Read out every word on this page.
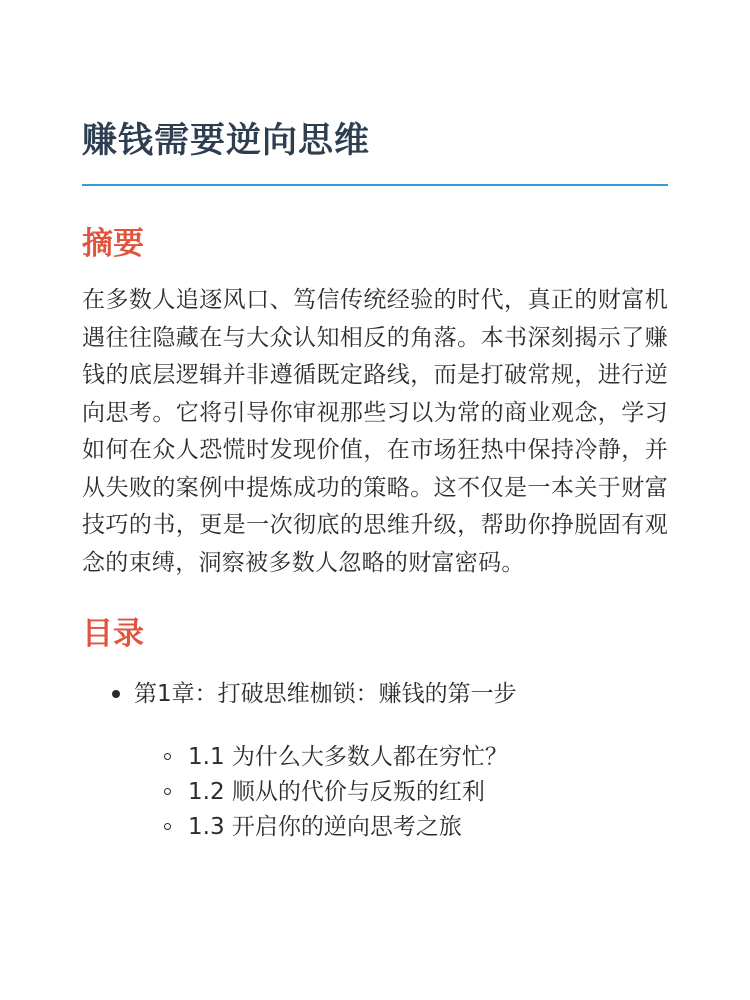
赚钱需要逆向思维
摘要

在多数人追逐风口、笃信传统经验的时代，真正的财富机遇往往隐藏在与大众认知相反的角落。本书深刻揭示了赚钱的底层逻辑并非遵循既定路线，而是打破常规，进行逆向思考。它将引导你审视那些习以为常的商业观念，学习如何在众人恐慌时发现价值，在市场狂热中保持冷静，并从失败的案例中提炼成功的策略。这不仅是一本关于财富技巧的书，更是一次彻底的思维升级，帮助你挣脱固有观念的束缚，洞察被多数人忽略的财富密码。

目录
第1章：打破思维枷锁：赚钱的第一步
1.1 为什么大多数人都在穷忙？
1.2 顺从的代价与反叛的红利
1.3 开启你的逆向思考之旅
